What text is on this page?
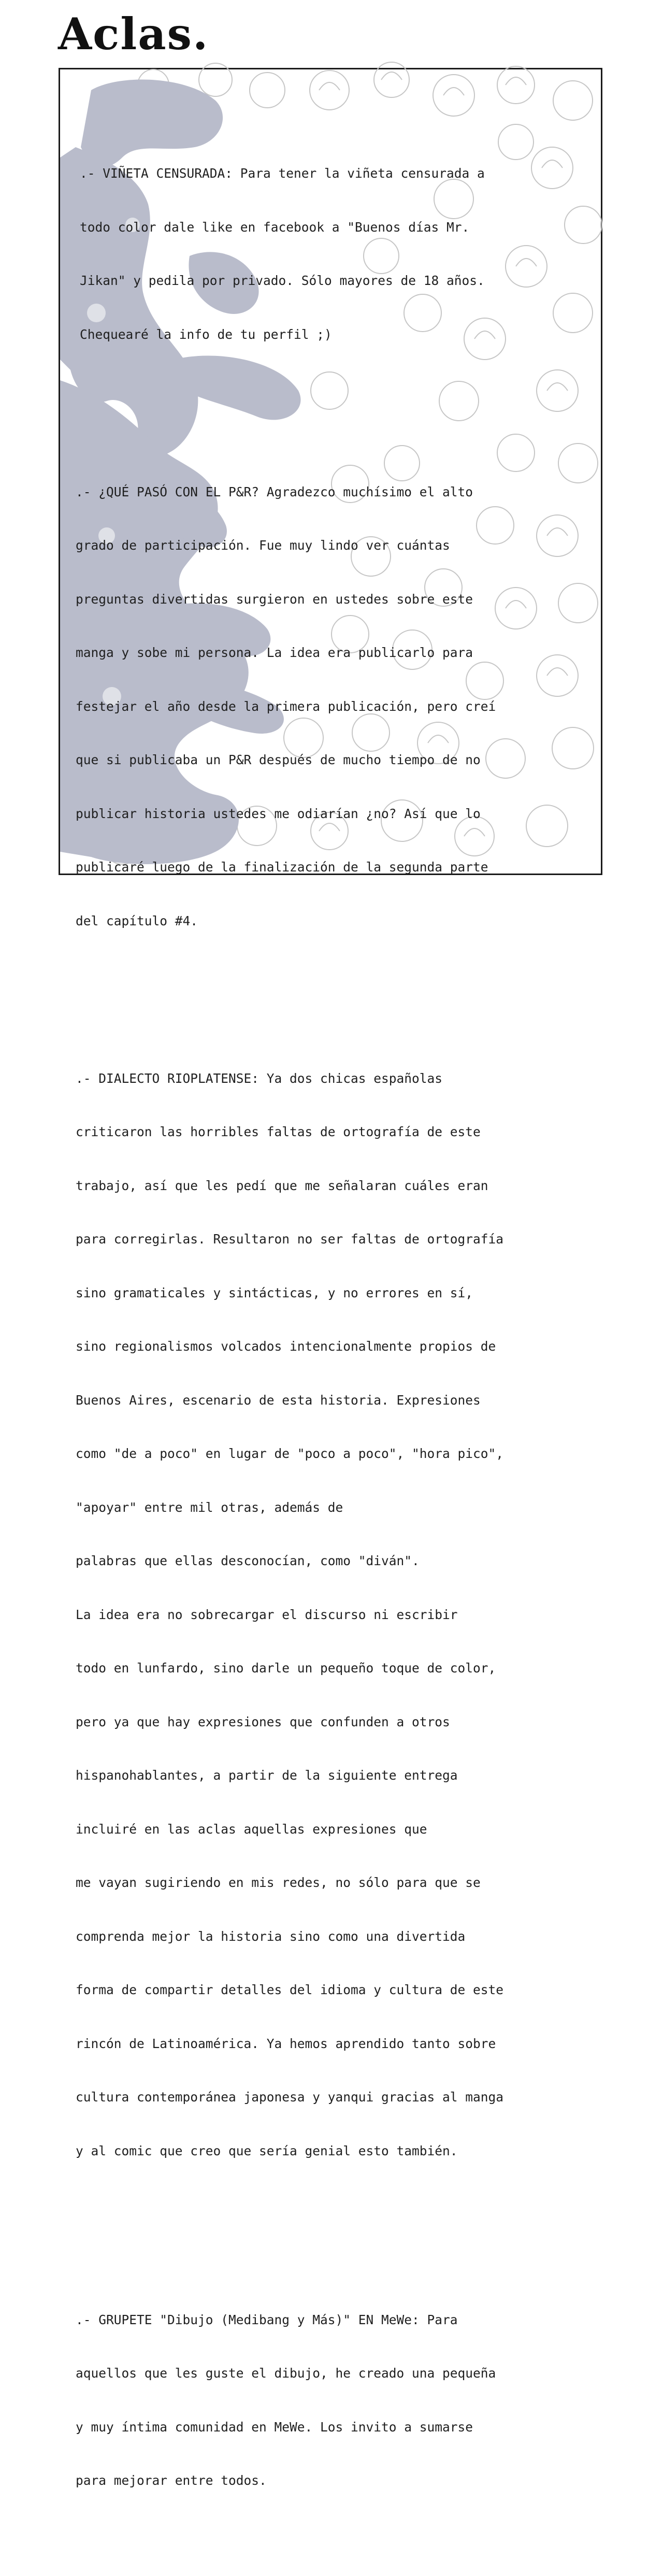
Aclas.

.- VIÑETA CENSURADA: Para tener la viñeta censurada a

todo color dale like en facebook a "Buenos días Mr.

Jikan" y pedila por privado. Sólo mayores de 18 años.

Chequearé la info de tu perfil ;)

.- ¿QUÉ PASÓ CON EL P&R? Agradezco muchísimo el alto

grado de participación. Fue muy lindo ver cuántas

preguntas divertidas surgieron en ustedes sobre este

manga y sobe mi persona. La idea era publicarlo para

festejar el año desde la primera publicación, pero creí

que si publicaba un P&R después de mucho tiempo de no

publicar historia ustedes me odiarían ¿no? Así que lo

publicaré luego de la finalización de la segunda parte

del capítulo #4.

.- DIALECTO RIOPLATENSE: Ya dos chicas españolas

criticaron las horribles faltas de ortografía de este

trabajo, así que les pedí que me señalaran cuáles eran

para corregirlas. Resultaron no ser faltas de ortografía

sino gramaticales y sintácticas, y no errores en sí,

sino regionalismos volcados intencionalmente propios de

Buenos Aires, escenario de esta historia. Expresiones

como "de a poco" en lugar de "poco a poco", "hora pico",

"apoyar" entre mil otras, además de

palabras que ellas desconocían, como "diván".

La idea era no sobrecargar el discurso ni escribir

todo en lunfardo, sino darle un pequeño toque de color,

pero ya que hay expresiones que confunden a otros

hispanohablantes, a partir de la siguiente entrega

incluiré en las aclas aquellas expresiones que

me vayan sugiriendo en mis redes, no sólo para que se

comprenda mejor la historia sino como una divertida

forma de compartir detalles del idioma y cultura de este

rincón de Latinoamérica. Ya hemos aprendido tanto sobre

cultura contemporánea japonesa y yanqui gracias al manga

y al comic que creo que sería genial esto también.

.- GRUPETE "Dibujo (Medibang y Más)" EN MeWe: Para

aquellos que les guste el dibujo, he creado una pequeña

y muy íntima comunidad en MeWe. Los invito a sumarse

para mejorar entre todos.
